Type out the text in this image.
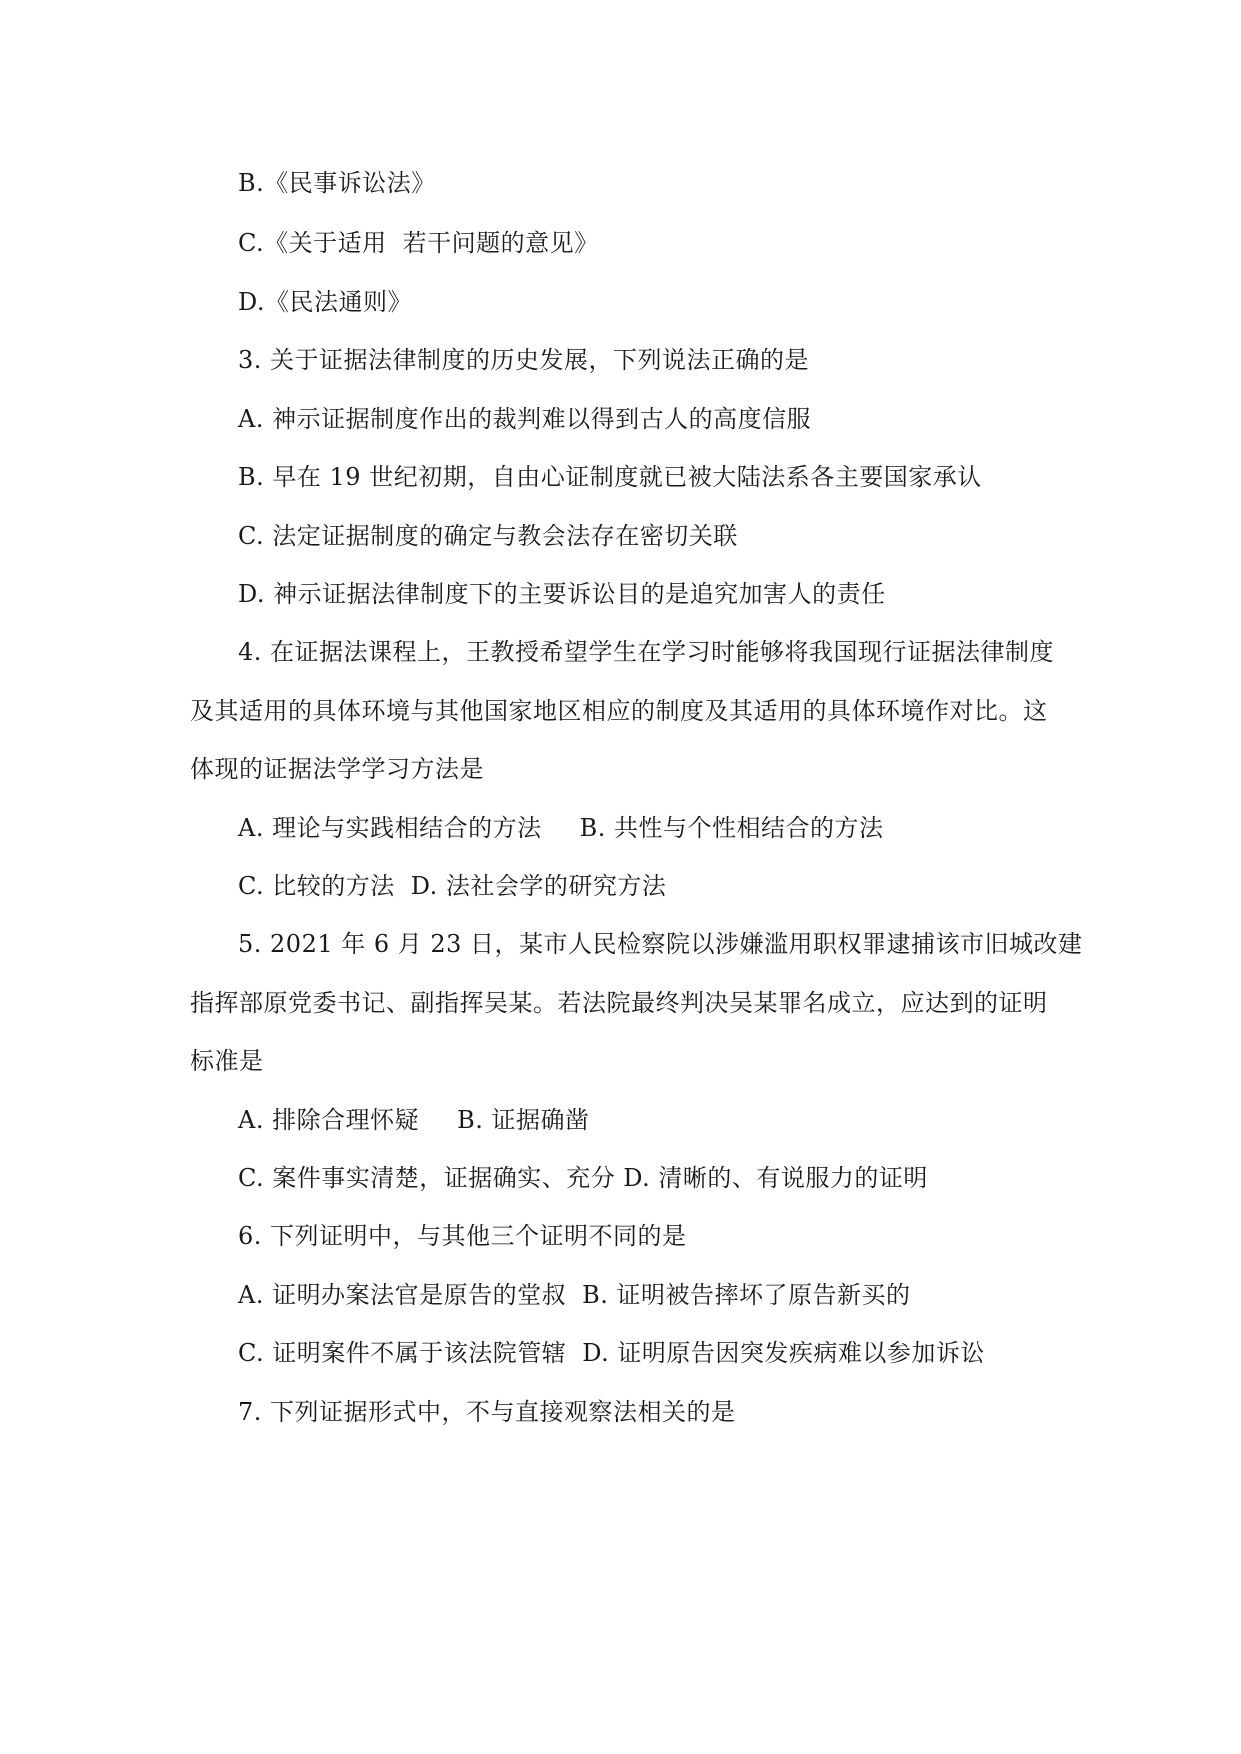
B.《民事诉讼法》
C.《关于适用 若干问题的意见》
D.《民法通则》
3. 关于证据法律制度的历史发展，下列说法正确的是
A. 神示证据制度作出的裁判难以得到古人的高度信服
B. 早在 19 世纪初期，自由心证制度就已被大陆法系各主要国家承认
C. 法定证据制度的确定与教会法存在密切关联
D. 神示证据法律制度下的主要诉讼目的是追究加害人的责任
4. 在证据法课程上，王教授希望学生在学习时能够将我国现行证据法律制度
及其适用的具体环境与其他国家地区相应的制度及其适用的具体环境作对比。这
体现的证据法学学习方法是
A. 理论与实践相结合的方法 B. 共性与个性相结合的方法
C. 比较的方法 D. 法社会学的研究方法
5. 2021 年 6 月 23 日，某市人民检察院以涉嫌滥用职权罪逮捕该市旧城改建
指挥部原党委书记、副指挥吴某。若法院最终判决吴某罪名成立，应达到的证明
标准是
A. 排除合理怀疑 B. 证据确凿
C. 案件事实清楚，证据确实、充分 D. 清晰的、有说服力的证明
6. 下列证明中，与其他三个证明不同的是
A. 证明办案法官是原告的堂叔 B. 证明被告摔坏了原告新买的
C. 证明案件不属于该法院管辖 D. 证明原告因突发疾病难以参加诉讼
7. 下列证据形式中，不与直接观察法相关的是
